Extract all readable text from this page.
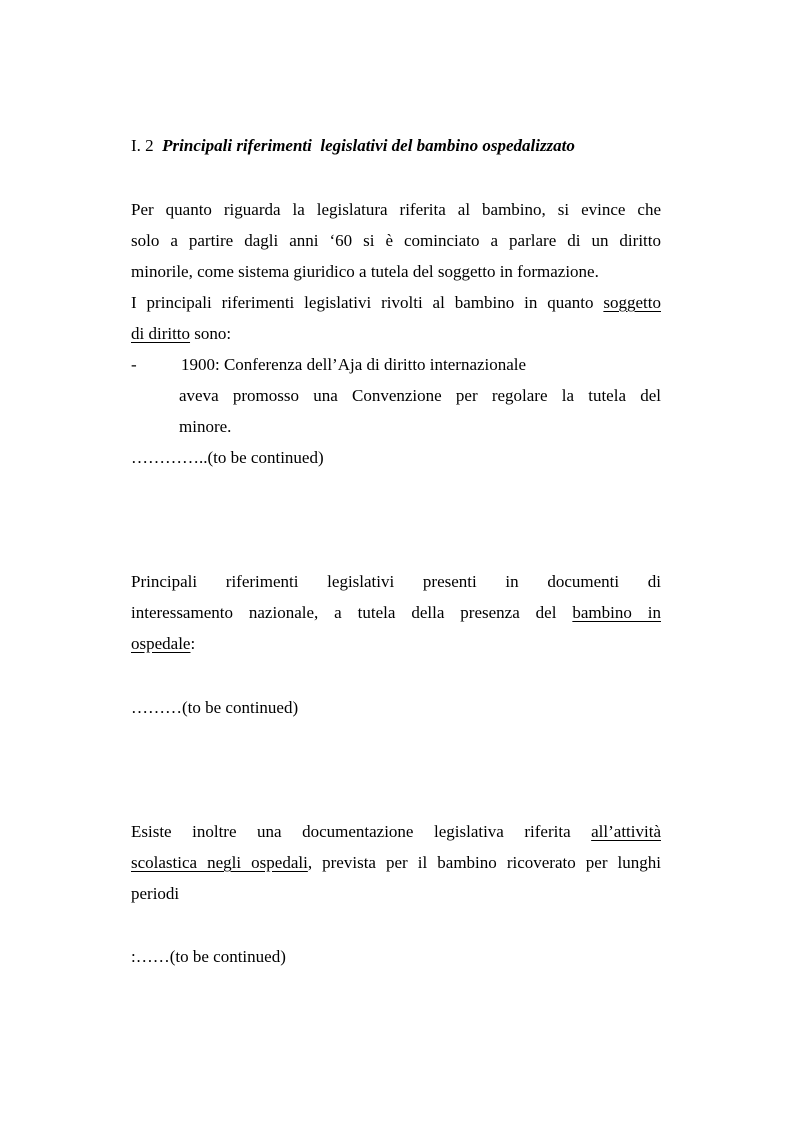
I. 2 Principali riferimenti  legislativi del bambino ospedalizzato
Per quanto riguarda la legislatura riferita al bambino, si evince che
solo a partire dagli anni ‘60 si è cominciato a parlare di un diritto
minorile, come sistema giuridico a tutela del soggetto in formazione.
I principali riferimenti legislativi rivolti al bambino in quanto soggetto
di diritto sono:
-	1900: Conferenza dell’Aja di diritto internazionale
aveva promosso una Convenzione per regolare la tutela del
minore.
…………..(to be continued)
Principali riferimenti legislativi presenti in documenti di
interessamento nazionale, a tutela della presenza del bambino in
ospedale:
………(to be continued)
Esiste inoltre una documentazione legislativa riferita all’attività
scolastica negli ospedali, prevista per il bambino ricoverato per lunghi
periodi
:……(to be continued)
